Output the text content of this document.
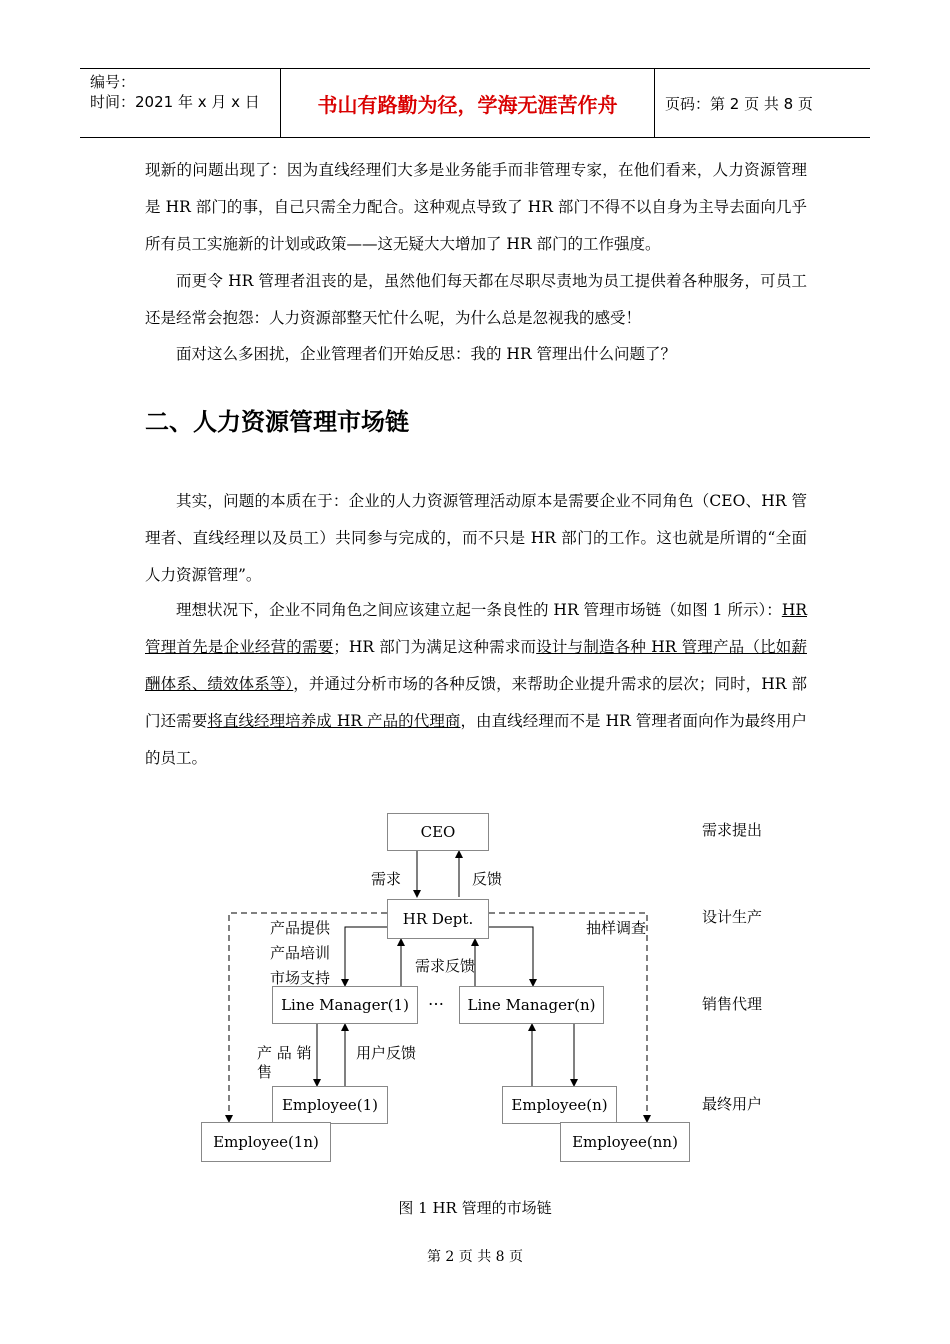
编号：
时间：2021 年 x 月 x 日	书山有路勤为径，学海无涯苦作舟	页码：第 2 页 共 8 页

现新的问题出现了：因为直线经理们大多是业务能手而非管理专家，在他们看来，人力资源管理是 HR 部门的事，自己只需全力配合。这种观点导致了 HR 部门不得不以自身为主导去面向几乎所有员工实施新的计划或政策——这无疑大大增加了 HR 部门的工作强度。

而更令 HR 管理者沮丧的是，虽然他们每天都在尽职尽责地为员工提供着各种服务，可员工还是经常会抱怨：人力资源部整天忙什么呢，为什么总是忽视我的感受！

面对这么多困扰，企业管理者们开始反思：我的 HR 管理出什么问题了？

二、人力资源管理市场链

其实，问题的本质在于：企业的人力资源管理活动原本是需要企业不同角色（CEO、HR 管理者、直线经理以及员工）共同参与完成的，而不只是 HR 部门的工作。这也就是所谓的“全面人力资源管理”。

理想状况下，企业不同角色之间应该建立起一条良性的 HR 管理市场链（如图 1 所示）：HR 管理首先是企业经营的需要；HR 部门为满足这种需求而设计与制造各种 HR 管理产品（比如薪酬体系、绩效体系等），并通过分析市场的各种反馈，来帮助企业提升需求的层次；同时，HR 部门还需要将直线经理培养成 HR 产品的代理商，由直线经理而不是 HR 管理者面向作为最终用户的员工。

CEO
HR Dept.
Line Manager(1)	Line Manager(n)
Employee(1)	Employee(n)
Employee(1n)	Employee(nn)
需求	反馈
产品提供
产品培训
市场支持
需求反馈
抽样调查
…
产 品 销
售
用户反馈
需求提出
设计生产
销售代理
最终用户
图 1 HR 管理的市场链
第 2 页 共 8 页
